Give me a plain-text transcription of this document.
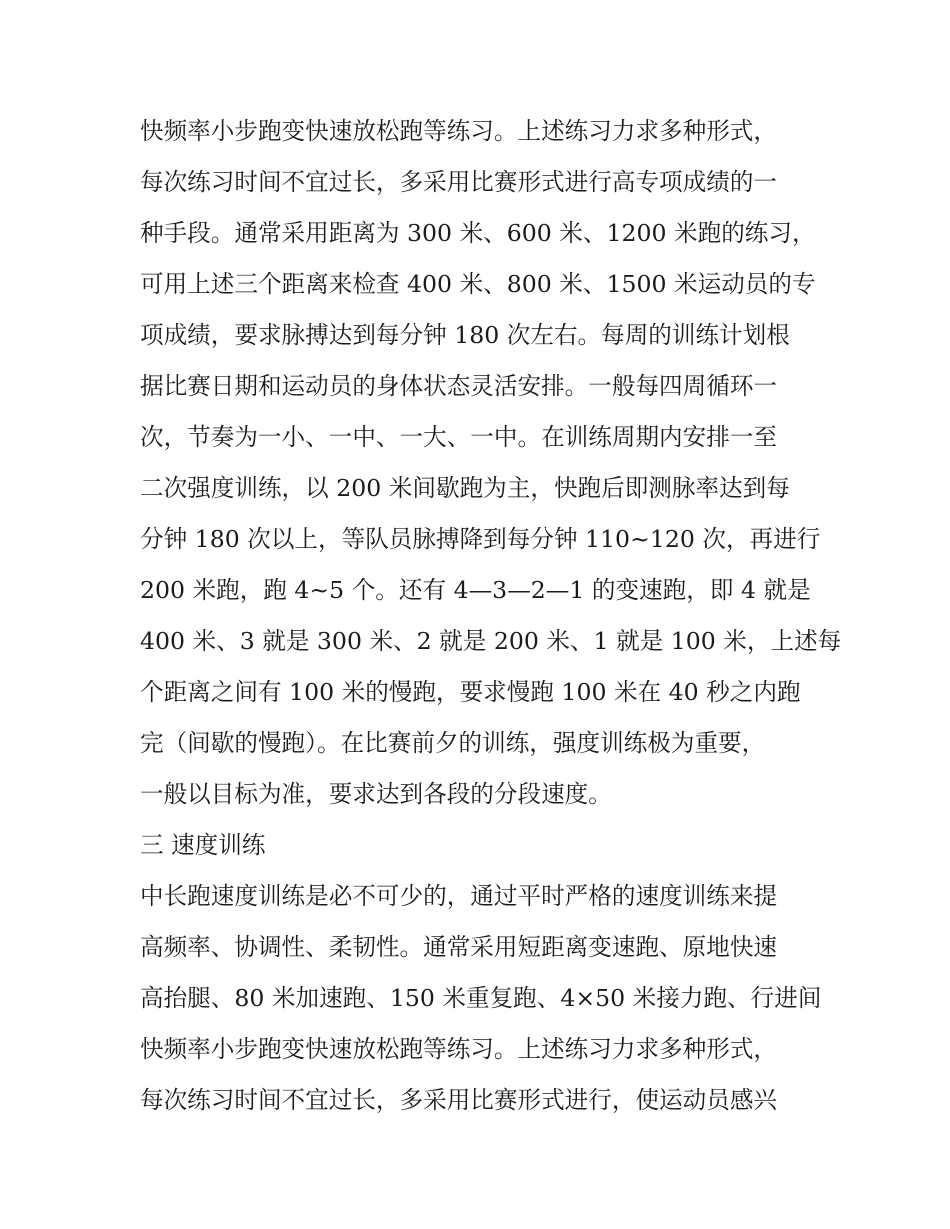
快频率小步跑变快速放松跑等练习。上述练习力求多种形式，
每次练习时间不宜过长，多采用比赛形式进行高专项成绩的一
种手段。通常采用距离为 300 米、600 米、1200 米跑的练习，
可用上述三个距离来检查 400 米、800 米、1500 米运动员的专
项成绩，要求脉搏达到每分钟 180 次左右。每周的训练计划根
据比赛日期和运动员的身体状态灵活安排。一般每四周循环一
次，节奏为一小、一中、一大、一中。在训练周期内安排一至
二次强度训练，以 200 米间歇跑为主，快跑后即测脉率达到每
分钟 180 次以上，等队员脉搏降到每分钟 110~120 次，再进行
200 米跑，跑 4~5 个。还有 4—3—2—1 的变速跑，即 4 就是
400 米、3 就是 300 米、2 就是 200 米、1 就是 100 米，上述每
个距离之间有 100 米的慢跑，要求慢跑 100 米在 40 秒之内跑
完（间歇的慢跑）。在比赛前夕的训练，强度训练极为重要，
一般以目标为准，要求达到各段的分段速度。
三 速度训练
中长跑速度训练是必不可少的，通过平时严格的速度训练来提
高频率、协调性、柔韧性。通常采用短距离变速跑、原地快速
高抬腿、80 米加速跑、150 米重复跑、4×50 米接力跑、行进间
快频率小步跑变快速放松跑等练习。上述练习力求多种形式，
每次练习时间不宜过长，多采用比赛形式进行，使运动员感兴
